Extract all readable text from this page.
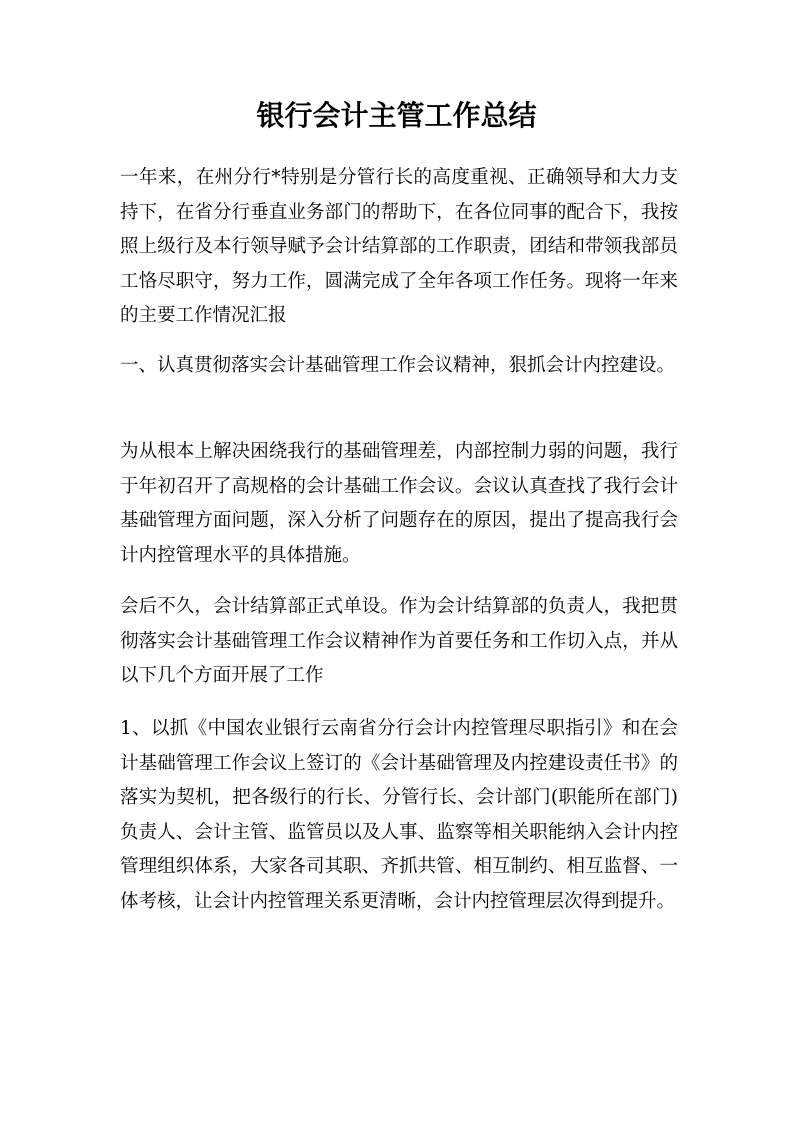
银行会计主管工作总结

一年来，在州分行*特别是分管行长的高度重视、正确领导和大力支持下，在省分行垂直业务部门的帮助下，在各位同事的配合下，我按照上级行及本行领导赋予会计结算部的工作职责，团结和带领我部员工恪尽职守，努力工作，圆满完成了全年各项工作任务。现将一年来的主要工作情况汇报

一、认真贯彻落实会计基础管理工作会议精神，狠抓会计内控建设。

为从根本上解决困绕我行的基础管理差，内部控制力弱的问题，我行于年初召开了高规格的会计基础工作会议。会议认真查找了我行会计基础管理方面问题，深入分析了问题存在的原因，提出了提高我行会计内控管理水平的具体措施。

会后不久，会计结算部正式单设。作为会计结算部的负责人，我把贯彻落实会计基础管理工作会议精神作为首要任务和工作切入点，并从以下几个方面开展了工作

1、以抓《中国农业银行云南省分行会计内控管理尽职指引》和在会计基础管理工作会议上签订的《会计基础管理及内控建设责任书》的落实为契机，把各级行的行长、分管行长、会计部门(职能所在部门)负责人、会计主管、监管员以及人事、监察等相关职能纳入会计内控管理组织体系，大家各司其职、齐抓共管、相互制约、相互监督、一体考核，让会计内控管理关系更清晰，会计内控管理层次得到提升。
